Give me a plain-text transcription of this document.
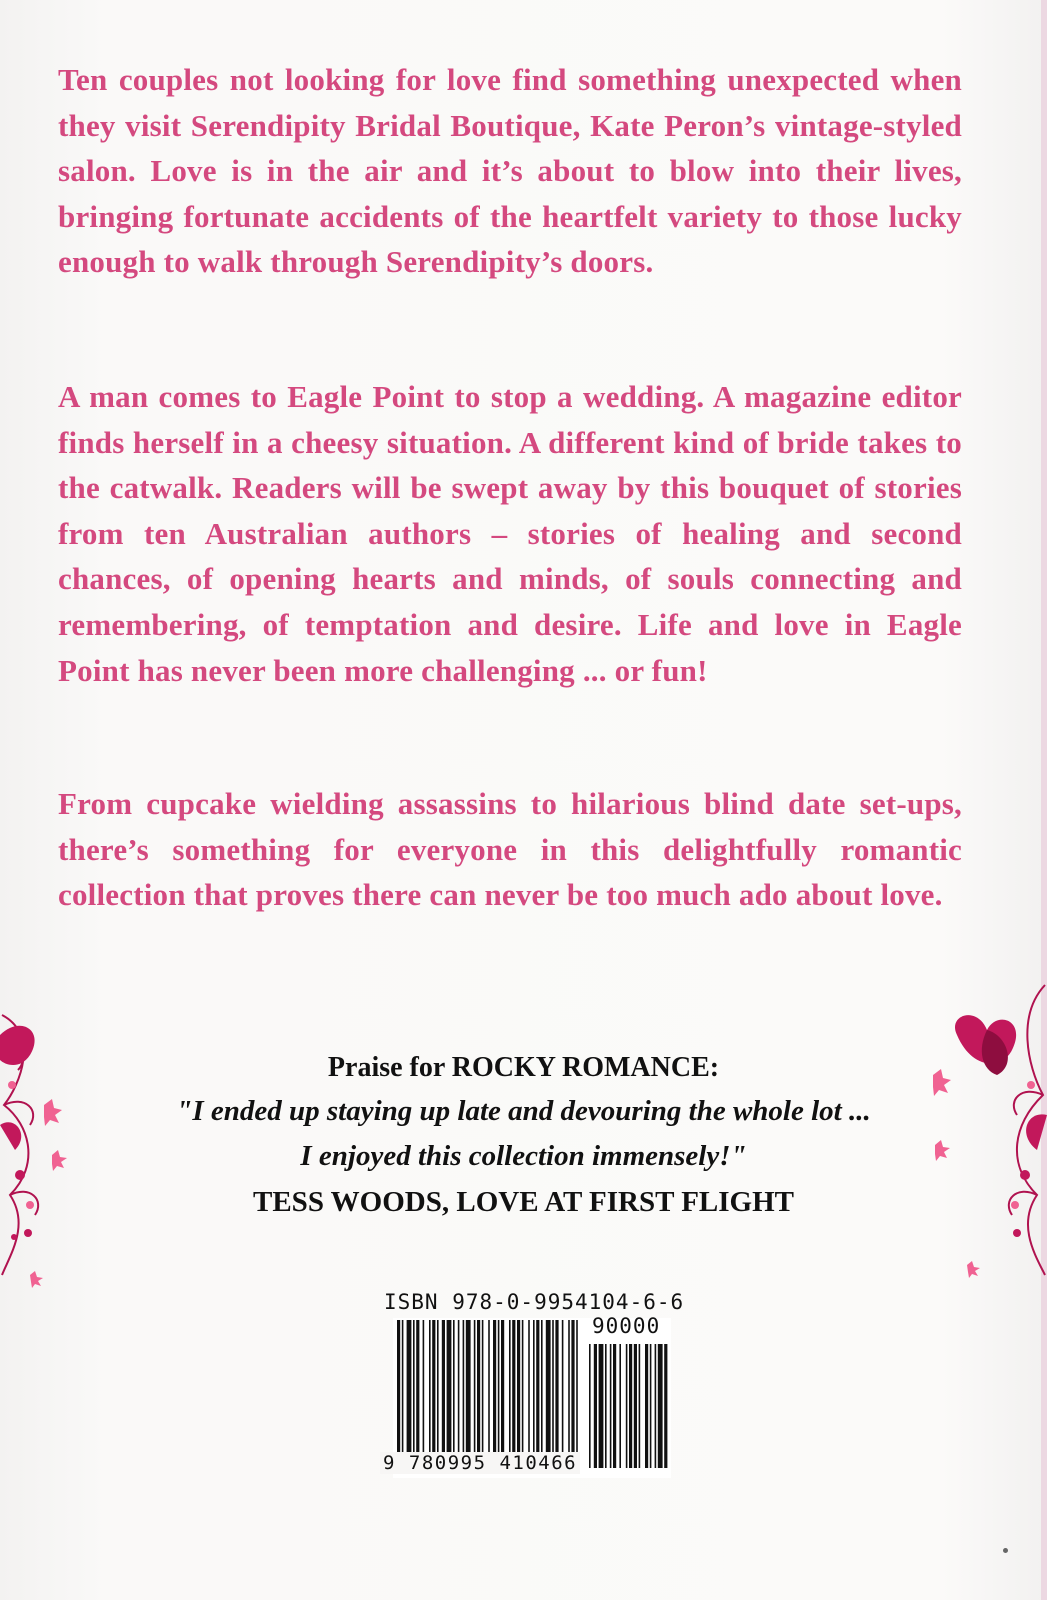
Ten couples not looking for love find something unexpected when they visit Serendipity Bridal Boutique, Kate Peron’s vintage-styled salon. Love is in the air and it’s about to blow into their lives, bringing fortunate accidents of the heartfelt variety to those lucky enough to walk through Serendipity’s doors.

A man comes to Eagle Point to stop a wedding. A magazine editor finds herself in a cheesy situation. A different kind of bride takes to the catwalk. Readers will be swept away by this bouquet of stories from ten Australian authors – stories of healing and second chances, of opening hearts and minds, of souls connecting and remembering, of temptation and desire. Life and love in Eagle Point has never been more challenging ... or fun!

From cupcake wielding assassins to hilarious blind date set-ups, there’s something for everyone in this delightfully romantic collection that proves there can never be too much ado about love.

Praise for ROCKY ROMANCE:

"I ended up staying up late and devouring the whole lot ...

I enjoyed this collection immensely!"

TESS WOODS, LOVE AT FIRST FLIGHT

ISBN 978-0-9954104-6-6
90000
9 780995 410466
